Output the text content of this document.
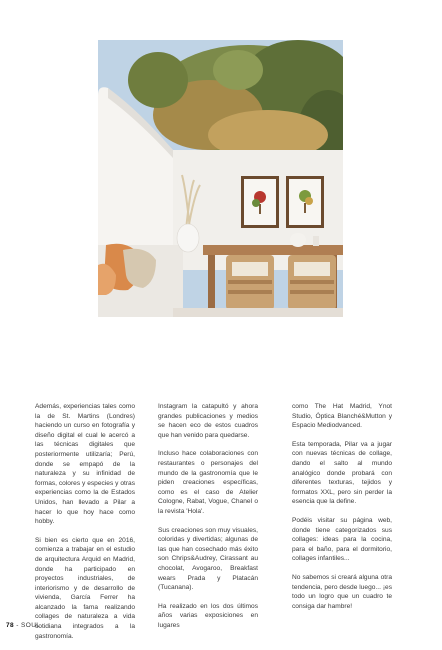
Además, experiencias tales como la de St. Martins (Londres) haciendo un curso en fotografía y diseño digital el cual le acercó a las técnicas digitales que posteriormente utilizaría; Perú, donde se empapó de la naturaleza y su infinidad de formas, colores y especies y otras experiencias como la de Estados Unidos, han llevado a Pilar a hacer lo que hoy hace como hobby.

Si bien es cierto que en 2016, comienza a trabajar en el estudio de arquitectura Arquid en Madrid, donde ha participado en proyectos industriales, de interiorismo y de desarrollo de vivienda, García Ferrer ha alcanzado la fama realizando collages de naturaleza a vida cotidiana integrados a la gastronomía.

Instagram la catapultó y ahora grandes publicaciones y medios se hacen eco de estos cuadros que han venido para quedarse.

Incluso hace colaboraciones con restaurantes o personajes del mundo de la gastronomía que le piden creaciones específicas, como es el caso de Atelier Cologne, Rabat, Vogue, Chanel o la revista 'Hola'.

Sus creaciones son muy visuales, coloridas y divertidas; algunas de las que han cosechado más éxito son Chrips&Audrey, Cirassant au chocolat, Avogaroo, Breakfast wears Prada y Platacán (Tucanana).

Ha realizado en los dos últimos años varias exposiciones en lugares

como The Hat Madrid, Ynot Studio, Óptica Blanché&Mutton y Espacio Mediodvanced.

Esta temporada, Pilar va a jugar con nuevas técnicas de collage, dando el salto al mundo analógico donde probará con diferentes texturas, tejidos y formatos XXL, pero sin perder la esencia que la define.

Podéis visitar su página web, donde tiene categorizados sus collages: ideas para la cocina, para el baño, para el dormitorio, collages infantiles...

No sabemos si creará alguna otra tendencia, pero desde luego... ¡es todo un logro que un cuadro te consiga dar hambre!

78 - SOUL
